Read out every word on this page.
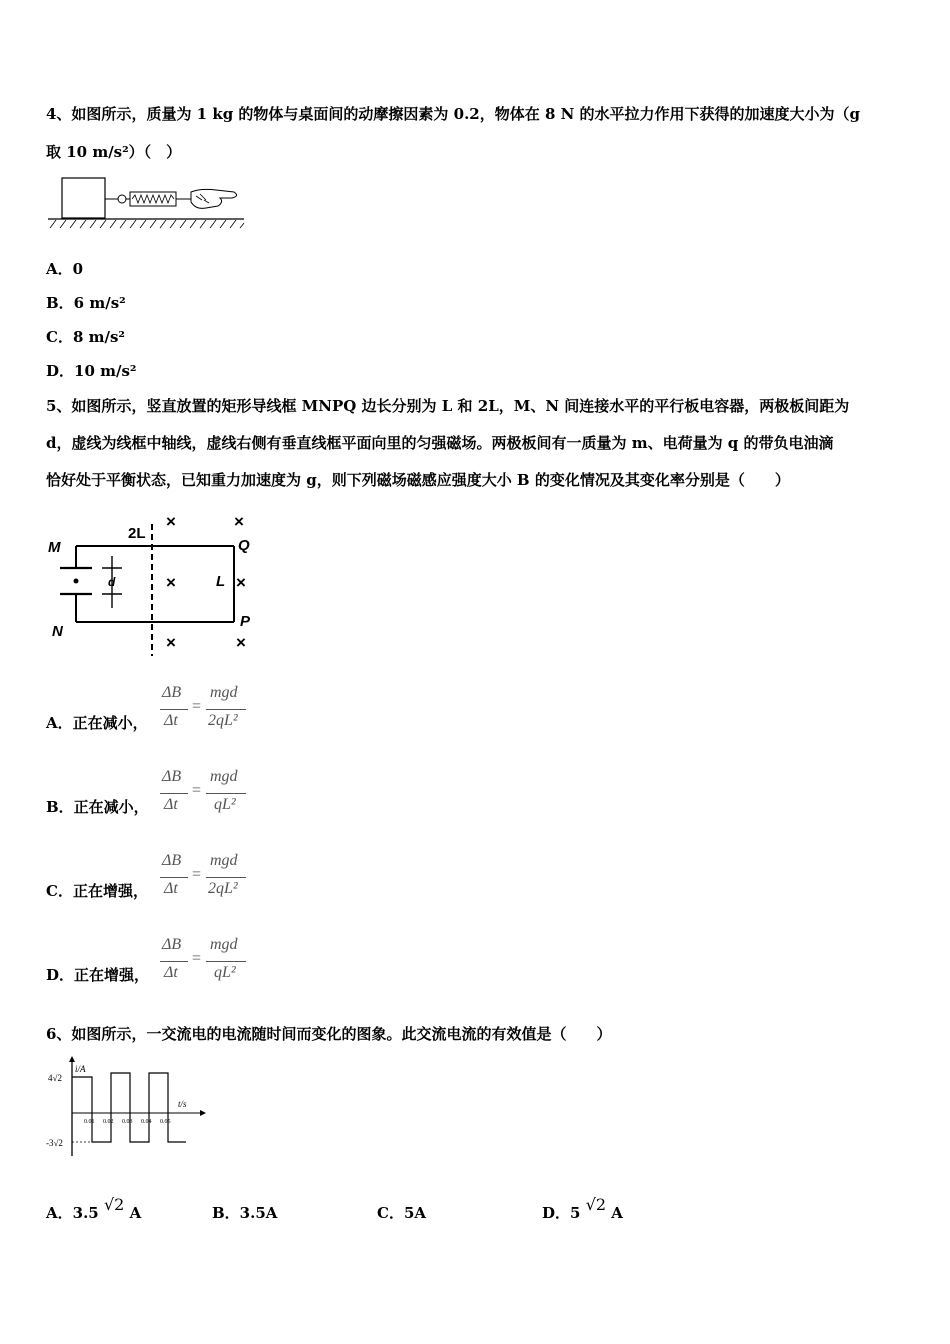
4、如图所示，质量为 1 kg 的物体与桌面间的动摩擦因素为 0.2，物体在 8 N 的水平拉力作用下获得的加速度大小为（g
取 10 m/s²）（　）
A．0
B．6 m/s²
C．8 m/s²
D．10 m/s²
5、如图所示，竖直放置的矩形导线框 MNPQ 边长分别为 L 和 2L，M、N 间连接水平的平行板电容器，两极板间距为
d，虚线为线框中轴线，虚线右侧有垂直线框平面向里的匀强磁场。两极板间有一质量为 m、电荷量为 q 的带负电油滴
恰好处于平衡状态，已知重力加速度为 g，则下列磁场磁感应强度大小 B 的变化情况及其变化率分别是（　　）
d
M
N
2L
Q
L
P
×	×
×	×
×	×
A．正在减小，
ΔB
Δt
=
mgd
2qL²
B．正在减小，
ΔB
Δt
=
mgd
qL²
C．正在增强，
ΔB
Δt
=
mgd
2qL²
D．正在增强，
ΔB
Δt
=
mgd
qL²
6、如图所示，一交流电的电流随时间而变化的图象。此交流电流的有效值是（　　）
i/A
t/s
4√2
-3√2
0.01 0.02 0.03 0.04 0.05
A．3.5 √2 A	B．3.5A	C．5A	D．5 √2 A
